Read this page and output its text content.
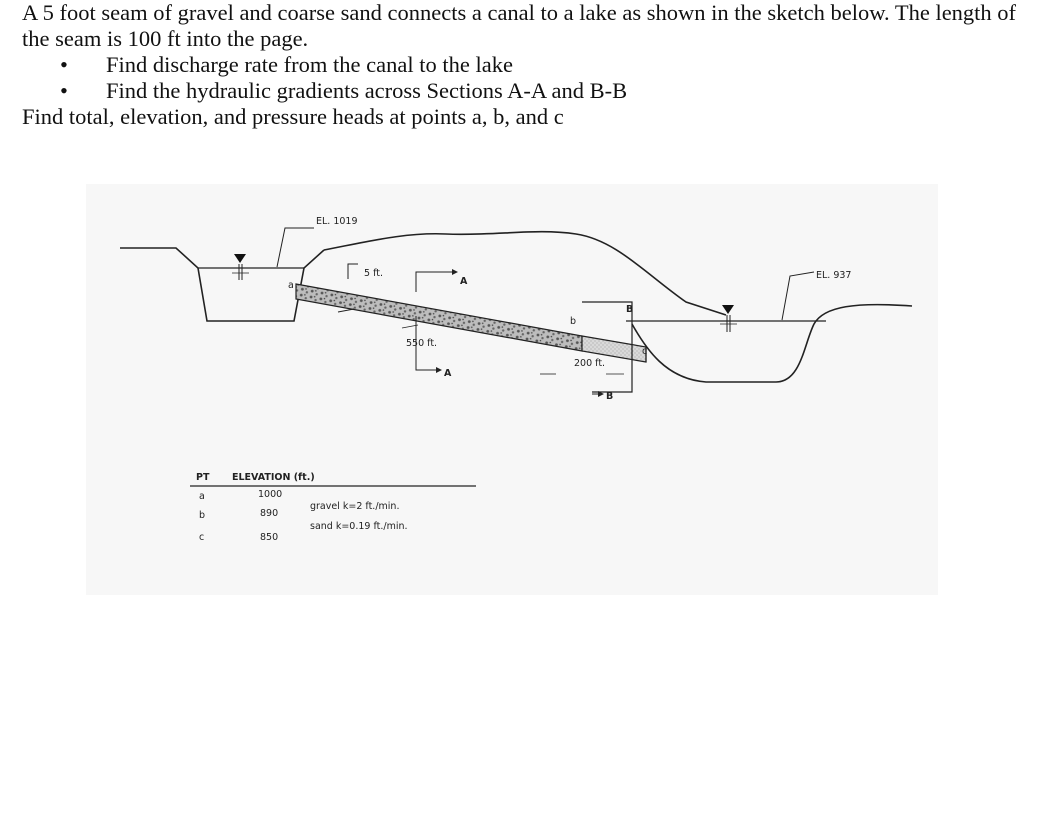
A 5 foot seam of gravel and coarse sand connects a canal to a lake as shown in the sketch below. The length of the seam is 100 ft into the page.

• Find discharge rate from the canal to the lake
• Find the hydraulic gradients across Sections A-A and B-B

Find total, elevation, and pressure heads at points a, b, and c

EL. 1019
EL. 937
5 ft.
A
A
550 ft.
200 ft.
B
B
a
b
c
PT ELEVATION (ft.)
a	1000
b	890
c	850
gravel k=2 ft./min.
sand k=0.19 ft./min.
